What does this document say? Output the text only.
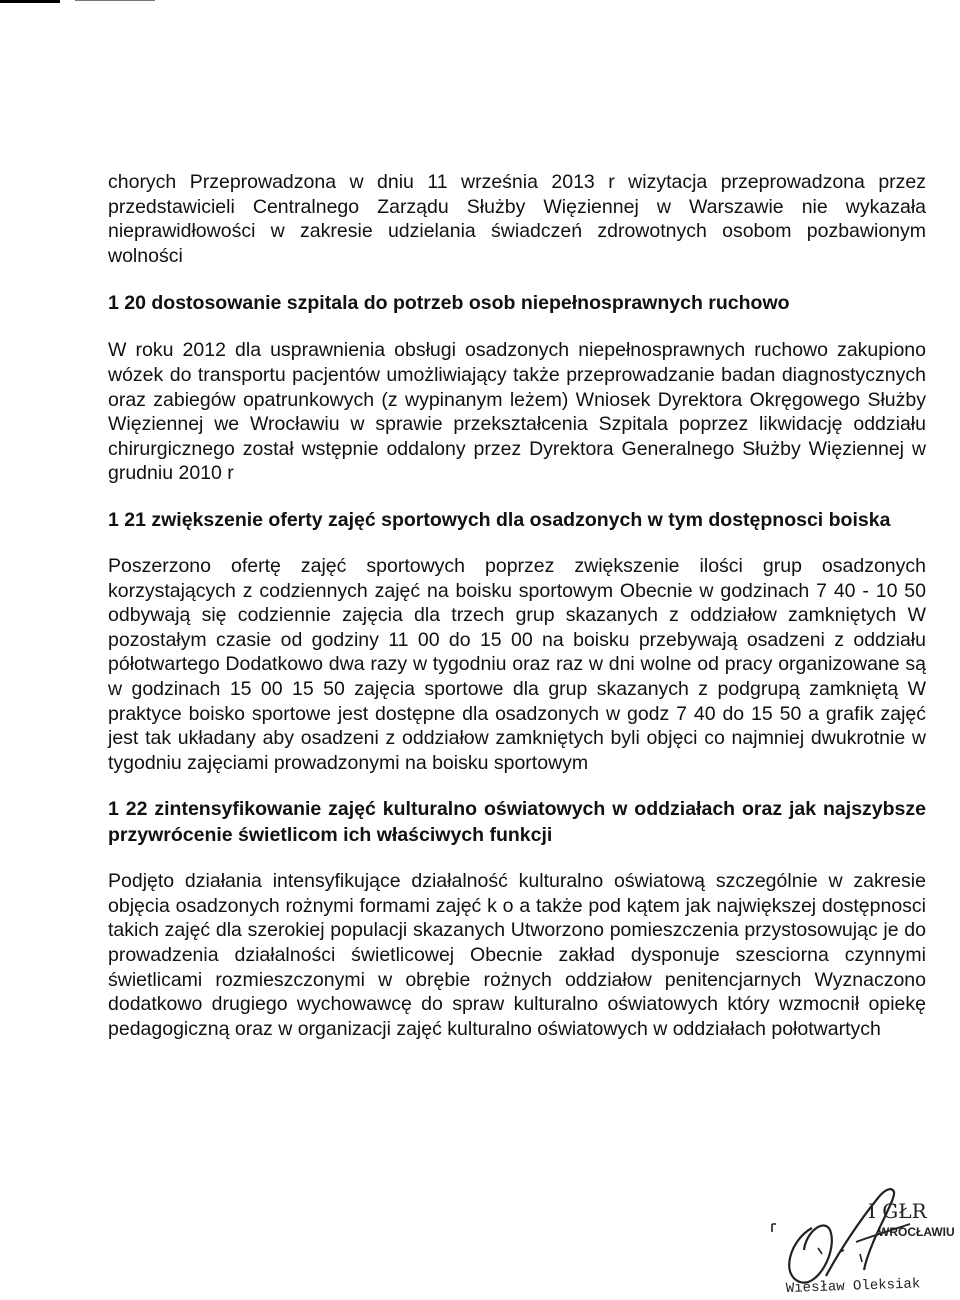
chorych Przeprowadzona w dniu 11 września 2013 r wizytacja przeprowadzona przez przedstawicieli Centralnego Zarządu Służby Więziennej w Warszawie nie wykazała nieprawidłowości w zakresie udzielania świadczeń zdrowotnych osobom pozbawionym wolności

1 20 dostosowanie szpitala do potrzeb osob niepełnosprawnych ruchowo

W roku 2012 dla usprawnienia obsługi osadzonych niepełnosprawnych ruchowo zakupiono wózek do transportu pacjentów umożliwiający także przeprowadzanie badan diagnostycznych oraz zabiegów opatrunkowych (z wypinanym leżem) Wniosek Dyrektora Okręgowego Służby Więziennej we Wrocławiu w sprawie przekształcenia Szpitala poprzez likwidację oddziału chirurgicznego został wstępnie oddalony przez Dyrektora Generalnego Służby Więziennej w grudniu 2010 r

1 21 zwiększenie oferty zajęć sportowych dla osadzonych w tym dostępnosci boiska

Poszerzono ofertę zajęć sportowych poprzez zwiększenie ilości grup osadzonych korzystających z codziennych zajęć na boisku sportowym Obecnie w godzinach 7 40 - 10 50 odbywają się codziennie zajęcia dla trzech grup skazanych z oddziałow zamkniętych W pozostałym czasie od godziny 11 00 do 15 00 na boisku przebywają osadzeni z oddziału półotwartego Dodatkowo dwa razy w tygodniu oraz raz w dni wolne od pracy organizowane są w godzinach 15 00 15 50 zajęcia sportowe dla grup skazanych z podgrupą zamkniętą W praktyce boisko sportowe jest dostępne dla osadzonych w godz 7 40 do 15 50 a grafik zajęć jest tak układany aby osadzeni z oddziałow zamkniętych byli objęci co najmniej dwukrotnie w tygodniu zajęciami prowadzonymi na boisku sportowym

1 22 zintensyfikowanie zajęć kulturalno oświatowych w oddziałach oraz jak najszybsze przywrócenie świetlicom ich właściwych funkcji

Podjęto działania intensyfikujące działalność kulturalno oświatową szczególnie w zakresie objęcia osadzonych rożnymi formami zajęć k o a także pod kątem jak największej dostępnosci takich zajęć dla szerokiej populacji skazanych Utworzono pomieszczenia przystosowując je do prowadzenia działalności świetlicowej Obecnie zakład dysponuje szesciorna czynnymi świetlicami rozmieszczonymi w obrębie rożnych oddziałow penitencjarnych Wyznaczono dodatkowo drugiego wychowawcę do spraw kulturalno oświatowych który wzmocnił opiekę pedagogiczną oraz w organizacji zajęć kulturalno oświatowych w oddziałach połotwartych

I GŁR
WROCŁAWIU
Wiesław Oleksiak
